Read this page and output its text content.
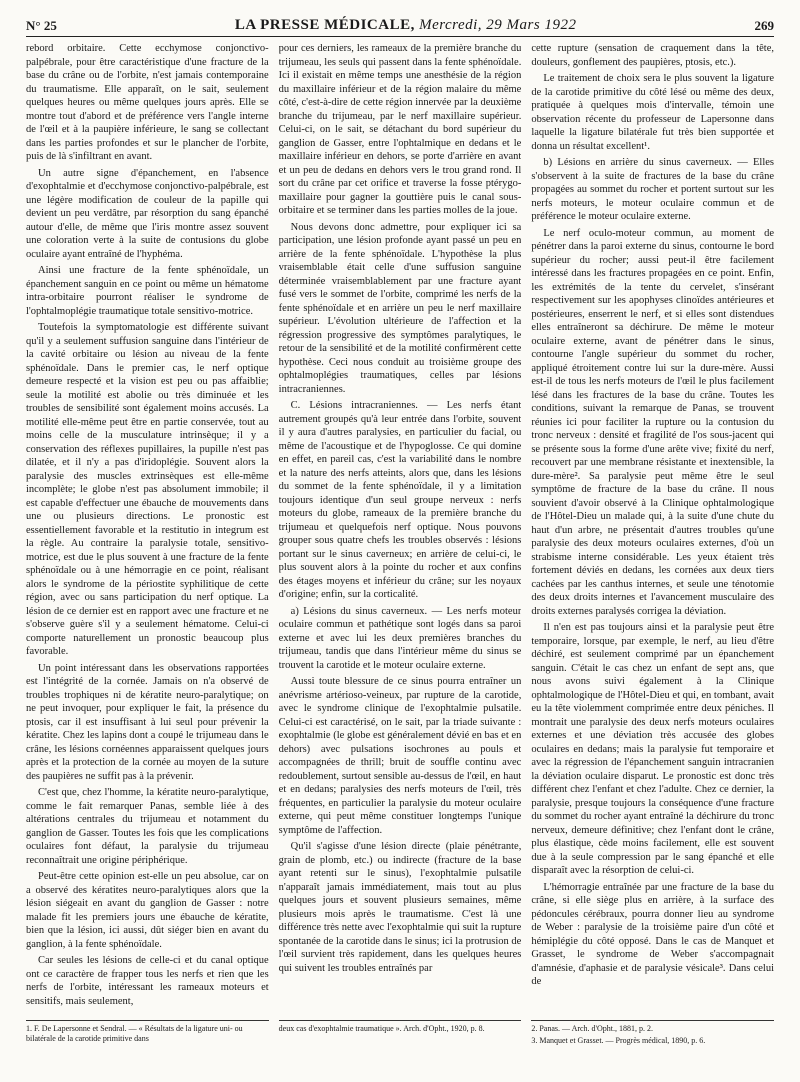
N° 25	LA PRESSE MÉDICALE, Mercredi, 29 Mars 1922	269

rebord orbitaire. Cette ecchymose conjonctivo-palpébrale, pour être caractéristique d'une fracture de la base du crâne ou de l'orbite, n'est jamais contemporaine du traumatisme. Elle apparaît, on le sait, seulement quelques heures ou même quelques jours après. Elle se montre tout d'abord et de préférence vers l'angle interne de l'œil et à la paupière inférieure, le sang se collectant dans les parties profondes et sur le plancher de l'orbite, puis de là s'infiltrant en avant.

Un autre signe d'épanchement, en l'absence d'exophtalmie et d'ecchymose conjonctivo-palpébrale, est une légère modification de couleur de la papille qui devient un peu verdâtre, par résorption du sang épanché autour d'elle, de même que l'iris montre assez souvent une coloration verte à la suite de contusions du globe oculaire ayant entraîné de l'hyphéma.

Ainsi une fracture de la fente sphénoïdale, un épanchement sanguin en ce point ou même un hématome intra-orbitaire pourront réaliser le syndrome de l'ophtalmoplégie traumatique totale sensitivo-motrice.

Toutefois la symptomatologie est différente suivant qu'il y a seulement suffusion sanguine dans l'intérieur de la cavité orbitaire ou lésion au niveau de la fente sphénoïdale. Dans le premier cas, le nerf optique demeure respecté et la vision est peu ou pas affaiblie; seule la motilité est abolie ou très diminuée et les troubles de sensibilité sont également moins accusés. La motilité elle-même peut être en partie conservée, tout au moins celle de la musculature intrinsèque; il y a conservation des réflexes pupillaires, la pupille n'est pas dilatée, et il n'y a pas d'iridoplégie. Souvent alors la paralysie des muscles extrinsèques est elle-même incomplète; le globe n'est pas absolument immobile; il est capable d'effectuer une ébauche de mouvements dans une ou plusieurs directions. Le pronostic est essentiellement favorable et la restitutio in integrum est la règle. Au contraire la paralysie totale, sensitivo-motrice, est due le plus souvent à une fracture de la fente sphénoïdale ou à une hémorragie en ce point, réalisant alors le syndrome de la périostite syphilitique de cette région, avec ou sans participation du nerf optique. La lésion de ce dernier est en rapport avec une fracture et ne s'observe guère s'il y a seulement hématome. Celui-ci comporte naturellement un pronostic beaucoup plus favorable.

Un point intéressant dans les observations rapportées est l'intégrité de la cornée. Jamais on n'a observé de troubles trophiques ni de kératite neuro-paralytique; on ne peut invoquer, pour expliquer le fait, la présence du ptosis, car il est insuffisant à lui seul pour prévenir la kératite. Chez les lapins dont a coupé le trijumeau dans le crâne, les lésions cornéennes apparaissent quelques jours après et la protection de la cornée au moyen de la suture des paupières ne suffit pas à la prévenir.

C'est que, chez l'homme, la kératite neuro-paralytique, comme le fait remarquer Panas, semble liée à des altérations centrales du trijumeau et notamment du ganglion de Gasser. Toutes les fois que les complications oculaires font défaut, la paralysie du trijumeau reconnaîtrait une origine périphérique.

Peut-être cette opinion est-elle un peu absolue, car on a observé des kératites neuro-paralytiques alors que la lésion siégeait en avant du ganglion de Gasser : notre malade fit les premiers jours une ébauche de kératite, bien que la lésion, ici aussi, dût siéger bien en avant du ganglion, à la fente sphénoïdale.

Car seules les lésions de celle-ci et du canal optique ont ce caractère de frapper tous les nerfs et rien que les nerfs de l'orbite, intéressant les rameaux moteurs et sensitifs, mais seulement,

pour ces derniers, les rameaux de la première branche du trijumeau, les seuls qui passent dans la fente sphénoïdale. Ici il existait en même temps une anesthésie de la région du maxillaire inférieur et de la région malaire du même côté, c'est-à-dire de cette région innervée par la deuxième branche du trijumeau, par le nerf maxillaire supérieur. Celui-ci, on le sait, se détachant du bord supérieur du ganglion de Gasser, entre l'ophtalmique en dedans et le maxillaire inférieur en dehors, se porte d'arrière en avant et un peu de dedans en dehors vers le trou grand rond. Il sort du crâne par cet orifice et traverse la fosse ptérygo-maxillaire pour gagner la gouttière puis le canal sous-orbitaire et se terminer dans les parties molles de la joue.

Nous devons donc admettre, pour expliquer ici sa participation, une lésion profonde ayant passé un peu en arrière de la fente sphénoïdale. L'hypothèse la plus vraisemblable était celle d'une suffusion sanguine déterminée vraisemblablement par une fracture ayant fusé vers le sommet de l'orbite, comprimé les nerfs de la fente sphénoïdale et en arrière un peu le nerf maxillaire supérieur. L'évolution ultérieure de l'affection et la régression progressive des symptômes paralytiques, le retour de la sensibilité et de la motilité confirmèrent cette hypothèse. Ceci nous conduit au troisième groupe des ophtalmoplégies traumatiques, celles par lésions intracraniennes.

C. Lésions intracraniennes. — Les nerfs étant autrement groupés qu'à leur entrée dans l'orbite, souvent il y aura d'autres paralysies, en particulier du facial, ou même de l'acoustique et de l'hypoglosse. Ce qui domine en effet, en pareil cas, c'est la variabilité dans le nombre et la nature des nerfs atteints, alors que, dans les lésions du sommet de la fente sphénoïdale, il y a limitation toujours identique d'un seul groupe nerveux : nerfs moteurs du globe, rameaux de la première branche du trijumeau et quelquefois nerf optique. Nous pouvons grouper sous quatre chefs les troubles observés : lésions portant sur le sinus caverneux; en arrière de celui-ci, le plus souvent alors à la pointe du rocher et aux confins des étages moyens et inférieur du crâne; sur les noyaux d'origine; enfin, sur la corticalité.

a) Lésions du sinus caverneux. — Les nerfs moteur oculaire commun et pathétique sont logés dans sa paroi externe et avec lui les deux premières branches du trijumeau, tandis que dans l'intérieur même du sinus se trouvent la carotide et le moteur oculaire externe.

Aussi toute blessure de ce sinus pourra entraîner un anévrisme artérioso-veineux, par rupture de la carotide, avec le syndrome clinique de l'exophtalmie pulsatile. Celui-ci est caractérisé, on le sait, par la triade suivante : exophtalmie (le globe est généralement dévié en bas et en dehors) avec pulsations isochrones au pouls et accompagnées de thrill; bruit de souffle continu avec redoublement, surtout sensible au-dessus de l'œil, en haut et en dedans; paralysies des nerfs moteurs de l'œil, très fréquentes, en particulier la paralysie du moteur oculaire externe, qui peut même constituer longtemps l'unique symptôme de l'affection.

Qu'il s'agisse d'une lésion directe (plaie pénétrante, grain de plomb, etc.) ou indirecte (fracture de la base ayant retenti sur le sinus), l'exophtalmie pulsatile n'apparaît jamais immédiatement, mais tout au plus quelques jours et souvent plusieurs semaines, même plusieurs mois après le traumatisme. C'est là une différence très nette avec l'exophtalmie qui suit la rupture spontanée de la carotide dans le sinus; ici la protrusion de l'œil survient très rapidement, dans les quelques heures qui suivent les troubles entraînés par

cette rupture (sensation de craquement dans la tête, douleurs, gonflement des paupières, ptosis, etc.).

Le traitement de choix sera le plus souvent la ligature de la carotide primitive du côté lésé ou même des deux, pratiquée à quelques mois d'intervalle, témoin une observation récente du professeur de Lapersonne dans laquelle la ligature bilatérale fut très bien supportée et donna un résultat excellent¹.

b) Lésions en arrière du sinus caverneux. — Elles s'observent à la suite de fractures de la base du crâne propagées au sommet du rocher et portent surtout sur les nerfs moteurs, le moteur oculaire commun et de préférence le moteur oculaire externe.

Le nerf oculo-moteur commun, au moment de pénétrer dans la paroi externe du sinus, contourne le bord supérieur du rocher; aussi peut-il être facilement intéressé dans les fractures propagées en ce point. Enfin, les extrémités de la tente du cervelet, s'insérant respectivement sur les apophyses clinoïdes antérieures et postérieures, enserrent le nerf, et si elles sont distendues elles entraîneront sa déchirure. De même le moteur oculaire externe, avant de pénétrer dans le sinus, contourne l'angle supérieur du sommet du rocher, appliqué étroitement contre lui sur la dure-mère. Aussi est-il de tous les nerfs moteurs de l'œil le plus facilement lésé dans les fractures de la base du crâne. Toutes les conditions, suivant la remarque de Panas, se trouvent réunies ici pour faciliter la rupture ou la contusion du tronc nerveux : densité et fragilité de l'os sous-jacent qui se présente sous la forme d'une arête vive; fixité du nerf, recouvert par une membrane résistante et inextensible, la dure-mère². Sa paralysie peut même être le seul symptôme de fracture de la base du crâne. Il nous souvient d'avoir observé à la Clinique ophtalmologique de l'Hôtel-Dieu un malade qui, à la suite d'une chute du haut d'un arbre, ne présentait d'autres troubles qu'une paralysie des deux moteurs oculaires externes, d'où un strabisme interne considérable. Les yeux étaient très fortement déviés en dedans, les cornées aux deux tiers cachées par les canthus internes, et seule une ténotomie des deux droits internes et l'avancement musculaire des droits externes paralysés corrigea la déviation.

Il n'en est pas toujours ainsi et la paralysie peut être temporaire, lorsque, par exemple, le nerf, au lieu d'être déchiré, est seulement comprimé par un épanchement sanguin. C'était le cas chez un enfant de sept ans, que nous avons suivi également à la Clinique ophtalmologique de l'Hôtel-Dieu et qui, en tombant, avait eu la tête violemment comprimée entre deux péniches. Il montrait une paralysie des deux nerfs moteurs oculaires externes et une déviation très accusée des globes oculaires en dedans; mais la paralysie fut temporaire et avec la régression de l'épanchement sanguin intracranien la déviation oculaire disparut. Le pronostic est donc très différent chez l'enfant et chez l'adulte. Chez ce dernier, la paralysie, presque toujours la conséquence d'une fracture du sommet du rocher ayant entraîné la déchirure du tronc nerveux, demeure définitive; chez l'enfant dont le crâne, plus élastique, cède moins facilement, elle est souvent due à la seule compression par le sang épanché et elle disparaît avec la résorption de celui-ci.

L'hémorragie entraînée par une fracture de la base du crâne, si elle siège plus en arrière, à la surface des pédoncules cérébraux, pourra donner lieu au syndrome de Weber : paralysie de la troisième paire d'un côté et hémiplégie du côté opposé. Dans le cas de Manquet et Grasset, le syndrome de Weber s'accompagnait d'amnésie, d'aphasie et de paralysie vésicale³. Dans celui de

1. F. De Lapersonne et Sendral. — « Résultats de la ligature uni- ou bilatérale de la carotide primitive dans
deux cas d'exophtalmie traumatique ». Arch. d'Opht., 1920, p. 8.	2. Panas. — Arch. d'Opht., 1881, p. 2.
3. Manquet et Grasset. — Progrès médical, 1890, p. 6.
